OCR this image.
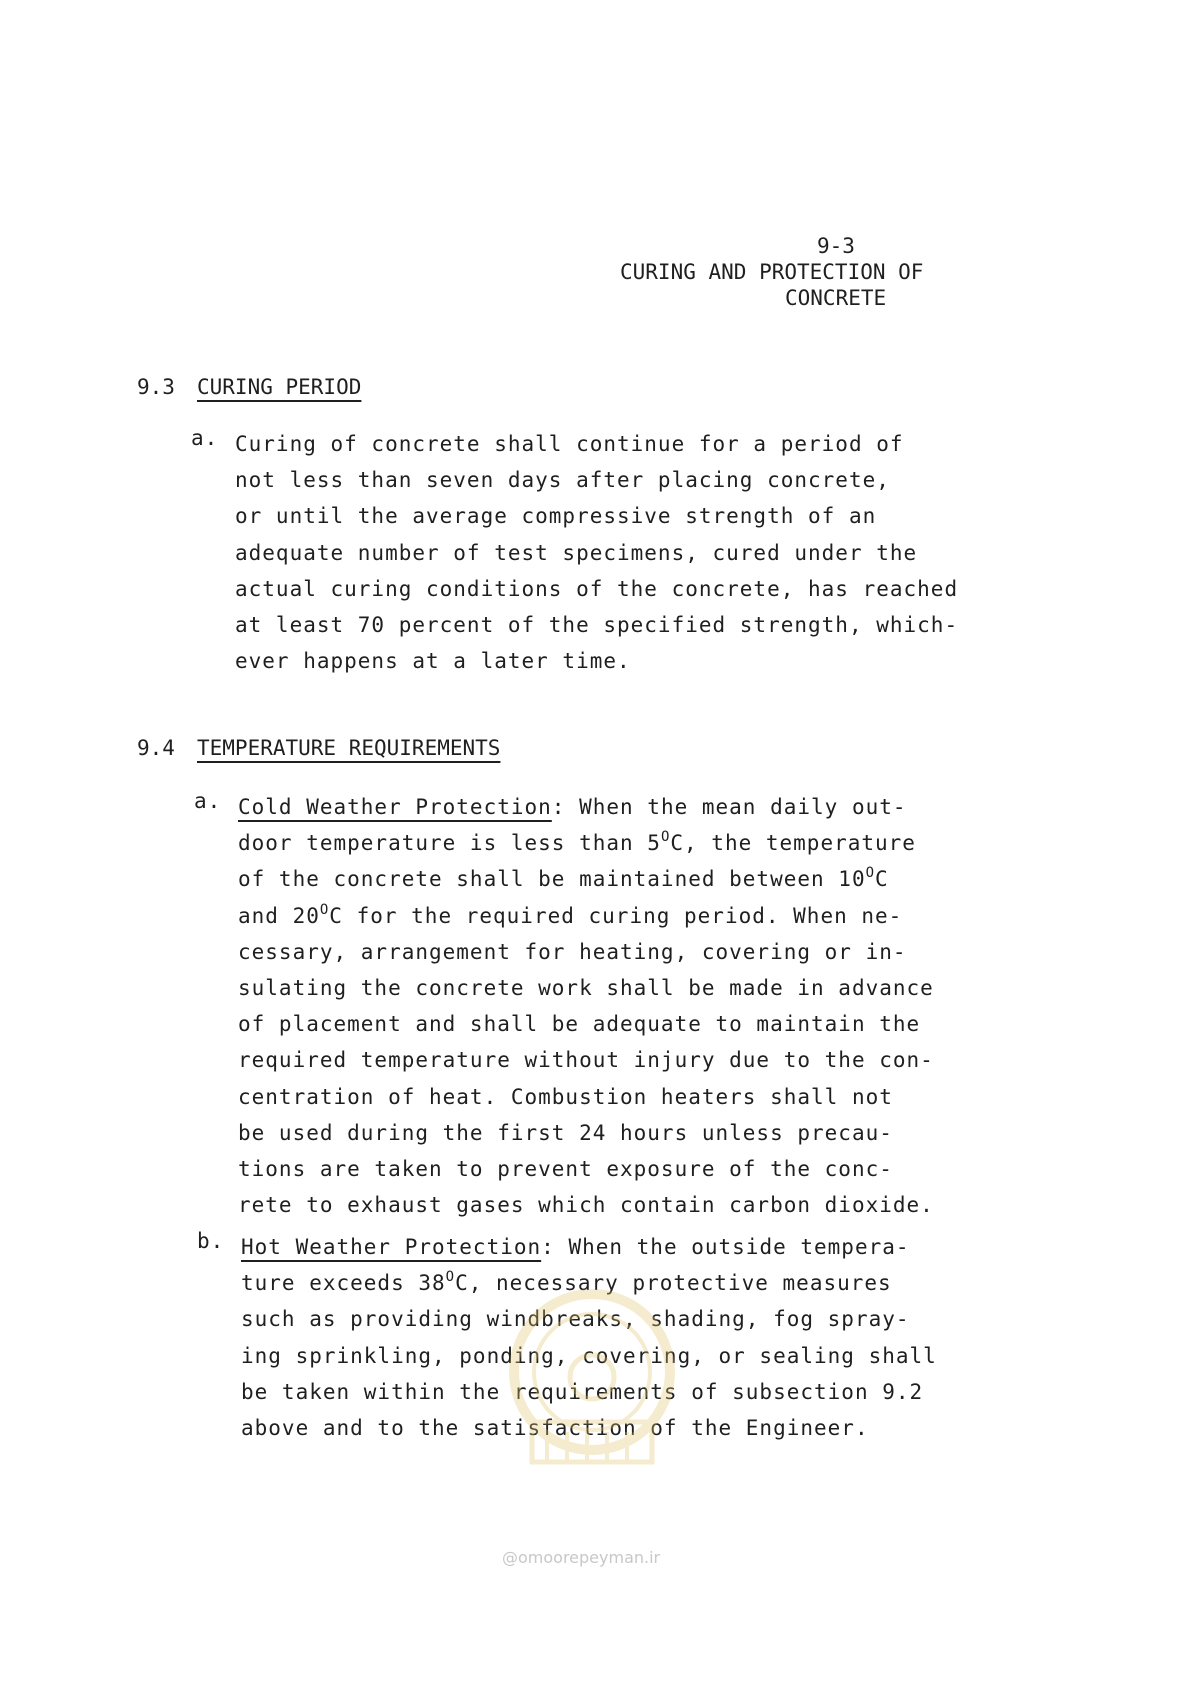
9-3
CURING AND PROTECTION OF
CONCRETE
9.3 CURING PERIOD
a. Curing of concrete shall continue for a period of
not less than seven days after placing concrete,
or until the average compressive strength of an
adequate number of test specimens, cured under the
actual curing conditions of the concrete, has reached
at least 70 percent of the specified strength, which-
ever happens at a later time.
9.4 TEMPERATURE REQUIREMENTS
a. Cold Weather Protection: When the mean daily out-
door temperature is less than $5^OC$, the temperature
of the concrete shall be maintained between $10^OC$
and $20^OC$ for the required curing period. When ne-
cessary, arrangement for heating, covering or in-
sulating the concrete work shall be made in advance
of placement and shall be adequate to maintain the
required temperature without injury due to the con-
centration of heat. Combustion heaters shall not
be used during the first 24 hours unless precau-
tions are taken to prevent exposure of the conc-
rete to exhaust gases which contain carbon dioxide.
b. Hot Weather Protection: When the outside tempera-
ture exceeds $38^OC$, necessary protective measures
such as providing windbreaks, shading, fog spray-
ing sprinkling, ponding, covering, or sealing shall
be taken within the requirements of subsection 9.2
above and to the satisfaction of the Engineer.
@omoorepeyman.ir
